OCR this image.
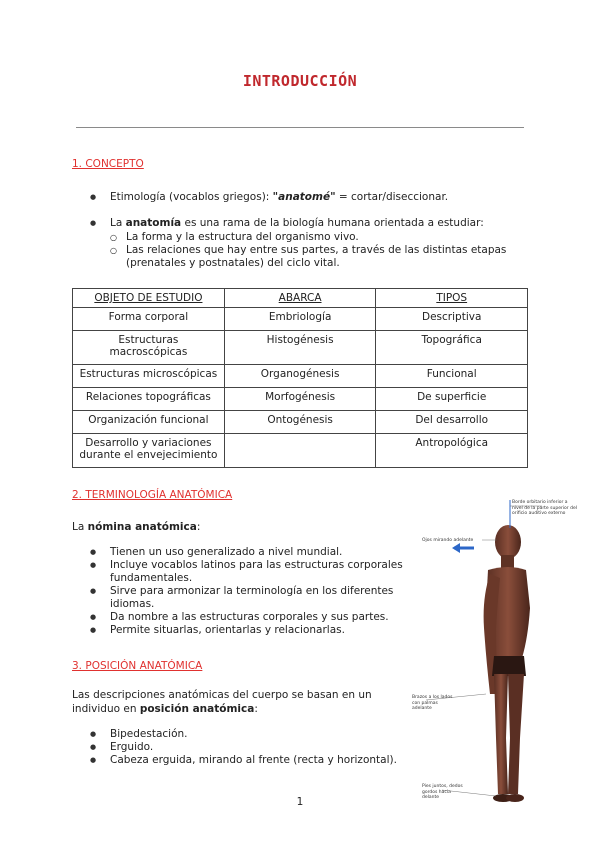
INTRODUCCIÓN
1. CONCEPTO
● Etimología (vocablos griegos): "anatomé" = cortar/diseccionar.
● La anatomía es una rama de la biología humana orientada a estudiar:
○ La forma y la estructura del organismo vivo.
○ Las relaciones que hay entre sus partes, a través de las distintas etapas (prenatales y postnatales) del ciclo vital.
OBJETO DE ESTUDIO	ABARCA	TIPOS
Forma corporal	Embriología	Descriptiva
Estructuras macroscópicas	Histogénesis	Topográfica
Estructuras microscópicas	Organogénesis	Funcional
Relaciones topográficas	Morfogénesis	De superficie
Organización funcional	Ontogénesis	Del desarrollo
Desarrollo y variaciones durante el envejecimiento		Antropológica
2. TERMINOLOGÍA ANATÓMICA
La nómina anatómica:
● Tienen un uso generalizado a nivel mundial.
● Incluye vocablos latinos para las estructuras corporales fundamentales.
● Sirve para armonizar la terminología en los diferentes idiomas.
● Da nombre a las estructuras corporales y sus partes.
● Permite situarlas, orientarlas y relacionarlas.
3. POSICIÓN ANATÓMICA
Las descripciones anatómicas del cuerpo se basan en un individuo en posición anatómica:
● Bipedestación.
● Erguido.
● Cabeza erguida, mirando al frente (recta y horizontal).
Borde orbitario inferior a nivel de la parte superior del orificio auditivo externo
Ojos mirando adelante
Brazos a los lados con palmas adelante
Pies juntos, dedos gordos hacia delante
1
